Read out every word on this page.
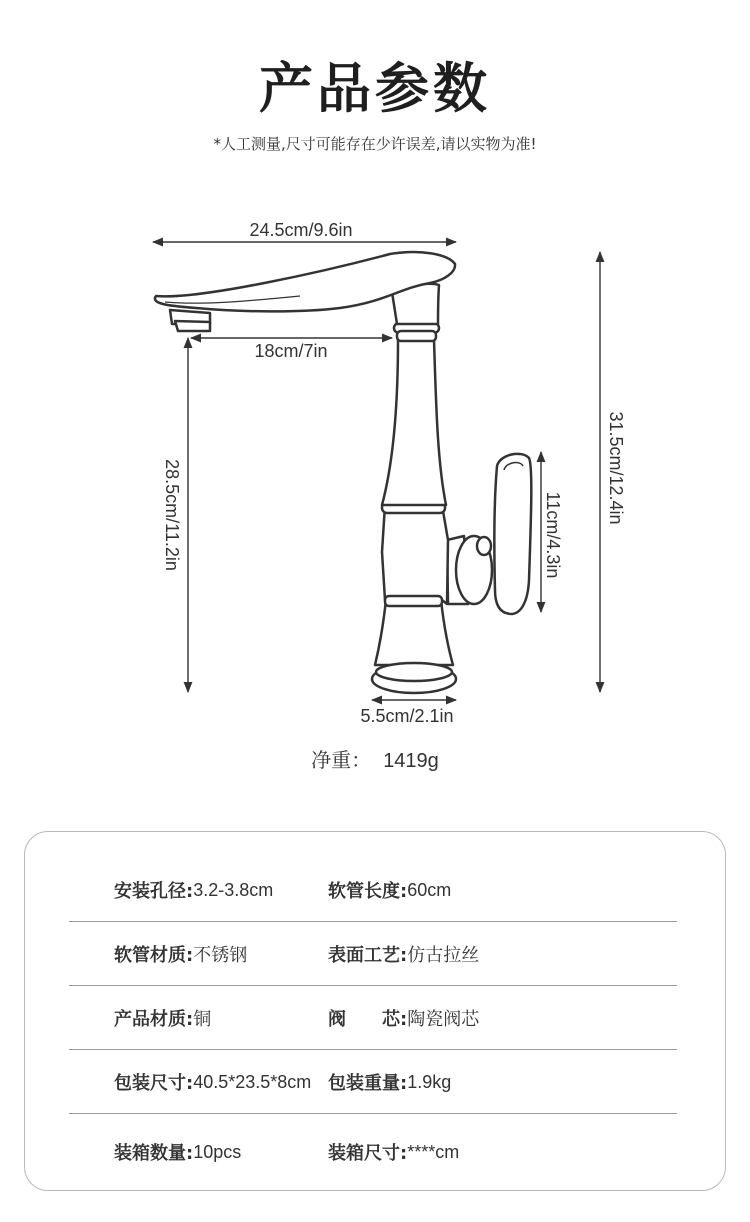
产品参数
*人工测量,尺寸可能存在少许误差,请以实物为准!
24.5cm/9.6in
18cm/7in
28.5cm/11.2in	31.5cm/12.4in
11cm/4.3in
5.5cm/2.1in
净重： 1419g
安装孔径: 3.2-3.8cm	软管长度: 60cm
软管材质: 不锈钢	表面工艺: 仿古拉丝
产品材质: 铜	阀　　芯: 陶瓷阀芯
包装尺寸: 40.5*23.5*8cm 包装重量: 1.9kg
装箱数量: 10pcs	装箱尺寸: ****cm
